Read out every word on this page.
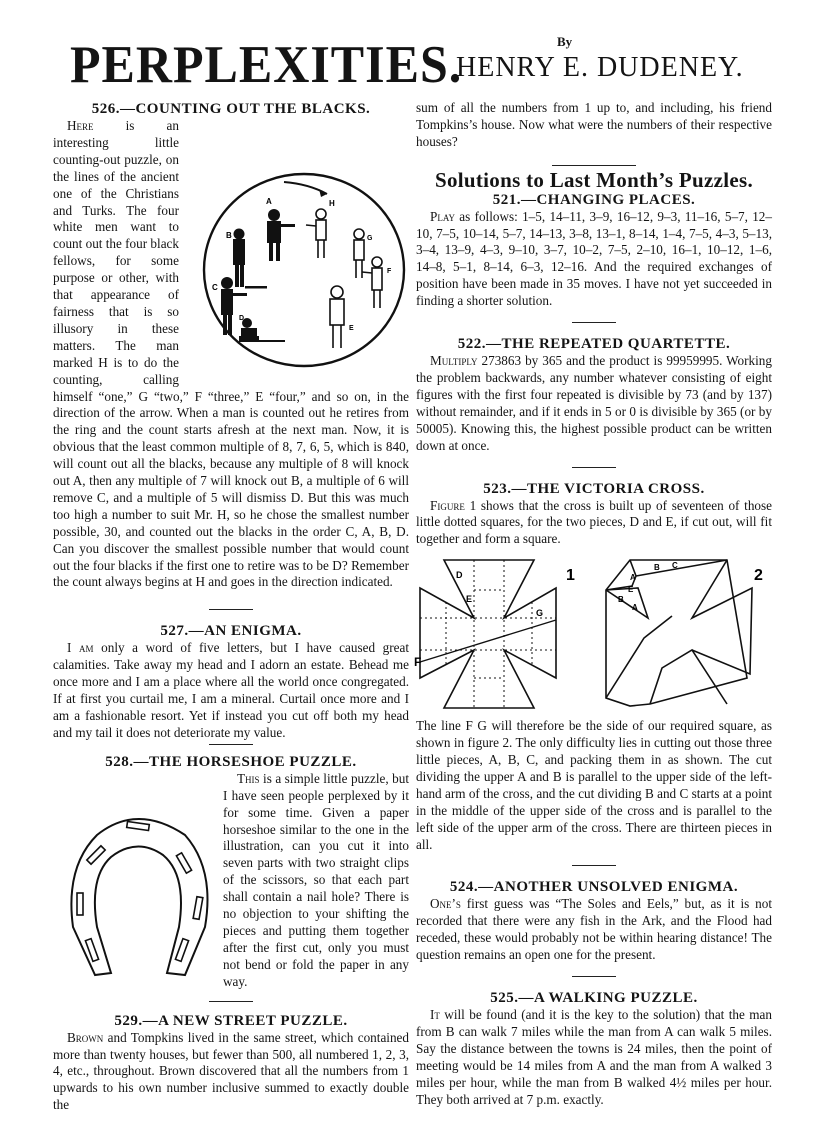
PERPLEXITIES.	By
HENRY E. DUDENEY.
526.—COUNTING OUT THE BLACKS.

A
B
C
D
E
F
G
H
Here is an interesting little counting-out puzzle, on the lines of the ancient one of the Christians and Turks. The four white men want to count out the four black fellows, for some purpose or other, with that appearance of fairness that is so illusory in these matters. The man marked H is to do the counting, calling himself “one,” G “two,” F “three,” E “four,” and so on, in the direction of the arrow. When a man is counted out he retires from the ring and the count starts afresh at the next man. Now, it is obvious that the least common multiple of 8, 7, 6, 5, which is 840, will count out all the blacks, because any multiple of 8 will knock out A, then any multiple of 7 will knock out B, a multiple of 6 will remove C, and a multiple of 5 will dismiss D. But this was much too high a number to suit Mr. H, so he chose the smallest number possible, 30, and counted out the blacks in the order C, A, B, D. Can you discover the smallest possible number that would count out the four blacks if the first one to retire was to be D? Remember the count always begins at H and goes in the direction indicated.

527.—AN ENIGMA.

I am only a word of five letters, but I have caused great calamities. Take away my head and I adorn an estate. Behead me once more and I am a place where all the world once congregated. If at first you curtail me, I am a mineral. Curtail once more and I am a fashionable resort. Yet if instead you cut off both my head and my tail it does not deteriorate my value.

528.—THE HORSESHOE PUZZLE.

This is a simple little puzzle, but I have seen people perplexed by it for some time. Given a paper horseshoe similar to the one in the illustration, can you cut it into seven parts with two straight clips of the scissors, so that each part shall contain a nail hole? There is no objection to your shifting the pieces and putting them together after the first cut, only you must not bend or fold the paper in any way.

529.—A NEW STREET PUZZLE.

Brown and Tompkins lived in the same street, which contained more than twenty houses, but fewer than 500, all numbered 1, 2, 3, 4, etc., throughout. Brown discovered that all the numbers from 1 upwards to his own number inclusive summed to exactly double the

sum of all the numbers from 1 up to, and including, his friend Tompkins’s house. Now what were the numbers of their respective houses?

Solutions to Last Month’s Puzzles.
521.—CHANGING PLACES.

Play as follows: 1–5, 14–11, 3–9, 16–12, 9–3, 11–16, 5–7, 12–10, 7–5, 10–14, 5–7, 14–13, 3–8, 13–1, 8–14, 1–4, 7–5, 4–3, 5–13, 3–4, 13–9, 4–3, 9–10, 3–7, 10–2, 7–5, 2–10, 16–1, 10–12, 1–6, 14–8, 5–1, 8–14, 6–3, 12–16. And the required exchanges of position have been made in 35 moves. I have not yet succeeded in finding a shorter solution.

522.—THE REPEATED QUARTETTE.

Multiply 273863 by 365 and the product is 99959995. Working the problem backwards, any number whatever consisting of eight figures with the first four repeated is divisible by 73 (and by 137) without remainder, and if it ends in 5 or 0 is divisible by 365 (or by 50005). Knowing this, the highest possible product can be written down at once.

523.—THE VICTORIA CROSS.

Figure 1 shows that the cross is built up of seventeen of those little dotted squares, for the two pieces, D and E, if cut out, will fit together and form a square.

D
E
F
G
1	A
B C
E
B
A
2

The line F G will therefore be the side of our required square, as shown in figure 2. The only difficulty lies in cutting out those three little pieces, A, B, C, and packing them in as shown. The cut dividing the upper A and B is parallel to the upper side of the left-hand arm of the cross, and the cut dividing B and C starts at a point in the middle of the upper side of the cross and is parallel to the left side of the upper arm of the cross. There are thirteen pieces in all.

524.—ANOTHER UNSOLVED ENIGMA.

One’s first guess was “The Soles and Eels,” but, as it is not recorded that there were any fish in the Ark, and the Flood had receded, these would probably not be within hearing distance! The question remains an open one for the present.

525.—A WALKING PUZZLE.

It will be found (and it is the key to the solution) that the man from B can walk 7 miles while the man from A can walk 5 miles. Say the distance between the towns is 24 miles, then the point of meeting would be 14 miles from A and the man from A walked 3 miles per hour, while the man from B walked 4½ miles per hour. They both arrived at 7 p.m. exactly.
